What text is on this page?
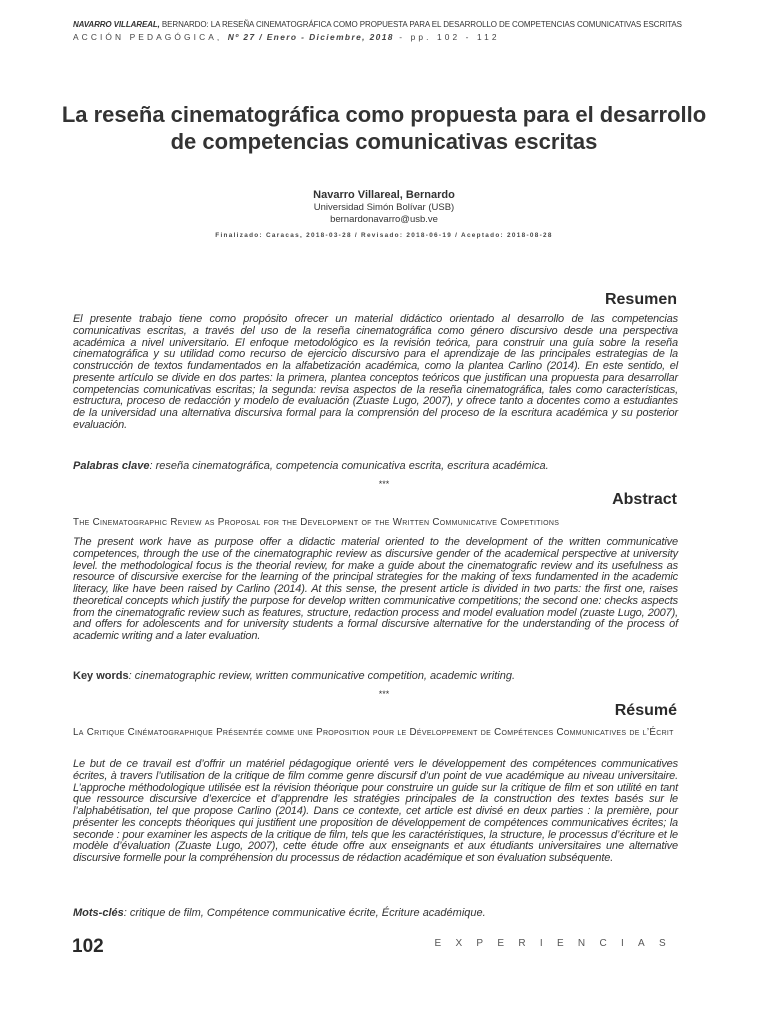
NAVARRO VILLAREAL, BERNARDO: LA RESEÑA CINEMATOGRÁFICA COMO PROPUESTA PARA EL DESARROLLO DE COMPETENCIAS COMUNICATIVAS ESCRITAS
ACCIÓN PEDAGÓGICA, Nº 27 / Enero - Diciembre, 2018 - pp. 102 - 112
La reseña cinematográfica como propuesta para el desarrollo de competencias comunicativas escritas
Navarro Villareal, Bernardo
Universidad Simón Bolívar (USB)
bernardonavarro@usb.ve
Finalizado: Caracas, 2018-03-28 / Revisado: 2018-06-19 / Aceptado: 2018-08-28
Resumen
El presente trabajo tiene como propósito ofrecer un material didáctico orientado al desarrollo de las competencias comunicativas escritas, a través del uso de la reseña cinematográfica como género discursivo desde una perspectiva académica a nivel universitario. El enfoque metodológico es la revisión teórica, para construir una guía sobre la reseña cinematográfica y su utilidad como recurso de ejercicio discursivo para el aprendizaje de las principales estrategias de la construcción de textos fundamentados en la alfabetización académica, como la plantea Carlino (2014). En este sentido, el presente artículo se divide en dos partes: la primera, plantea conceptos teóricos que justifican una propuesta para desarrollar competencias comunicativas escritas; la segunda: revisa aspectos de la reseña cinematográfica, tales como características, estructura, proceso de redacción y modelo de evaluación (Zuaste Lugo, 2007), y ofrece tanto a docentes como a estudiantes de la universidad una alternativa discursiva formal para la comprensión del proceso de la escritura académica y su posterior evaluación.
Palabras clave: reseña cinematográfica, competencia comunicativa escrita, escritura académica.
***
Abstract
The Cinematographic Review as Proposal for the Development of the Written Communicative Competitions
The present work have as purpose offer a didactic material oriented to the development of the written communicative competences, through the use of the cinematographic review as discursive gender of the academical perspective at university level. the methodological focus is the theorial review, for make a guide about the cinematografic review and its usefulness as resource of discursive exercise for the learning of the principal strategies for the making of texs fundamented in the academic literacy, like have been raised by Carlino (2014). At this sense, the present article is divided in two parts: the first one, raises theoretical concepts which justify the purpose for develop written communicative competitions; the second one: checks aspects from the cinematografic review such as features, structure, redaction process and model evaluation model (zuaste Lugo, 2007), and offers for adolescents and for university students a formal discursive alternative for the understanding of the process of academic writing and a later evaluation.
Key words: cinematographic review, written communicative competition, academic writing.
***
Résumé
La Critique Cinématographique Présentée comme une Proposition pour le Développement de Compétences Communicatives de l’Écrit
Le but de ce travail est d’offrir un matériel pédagogique orienté vers le développement des compétences communicatives écrites, à travers l’utilisation de la critique de film comme genre discursif d’un point de vue académique au niveau universitaire. L’approche méthodologique utilisée est la révision théorique pour construire un guide sur la critique de film et son utilité en tant que ressource discursive d’exercice et d’apprendre les stratégies principales de la construction des textes basés sur le l’alphabétisation, tel que propose Carlino (2014). Dans ce contexte, cet article est divisé en deux parties : la première, pour présenter les concepts théoriques qui justifient une proposition de développement de compétences communicatives écrites; la seconde : pour examiner les aspects de la critique de film, tels que les caractéristiques, la structure, le processus d’écriture et le modèle d’évaluation (Zuaste Lugo, 2007), cette étude offre aux enseignants et aux étudiants universitaires une alternative discursive formelle pour la compréhension du processus de rédaction académique et son évaluation subséquente.
Mots-clés: critique de film, Compétence communicative écrite, Écriture académique.
102	EXPERIENCIAS
